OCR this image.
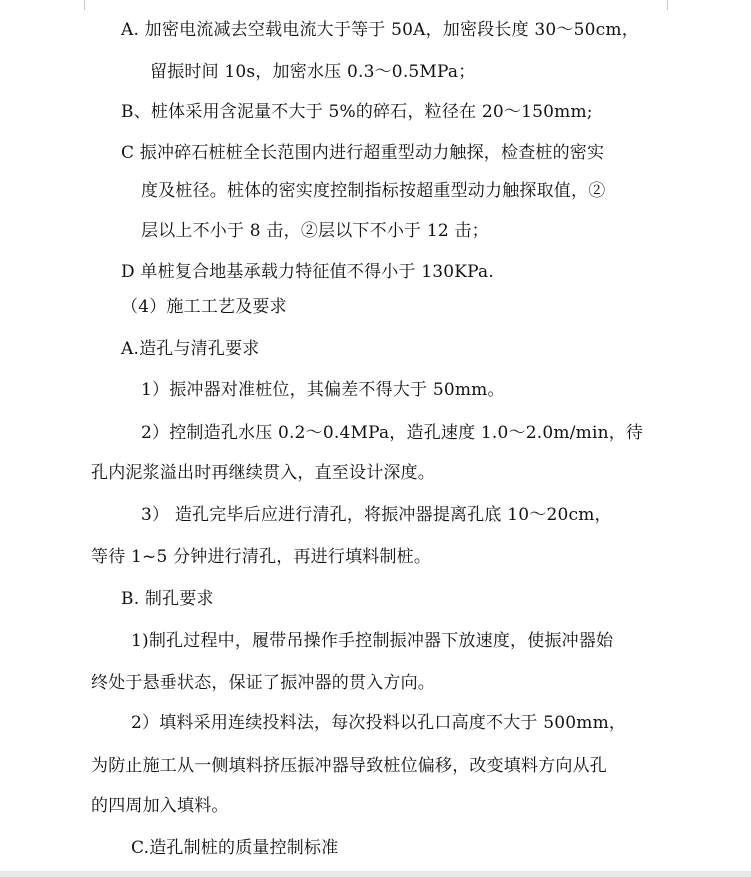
A. 加密电流减去空载电流大于等于 50A，加密段长度 30～50cm，
留振时间 10s，加密水压 0.3～0.5MPa；
B、桩体采用含泥量不大于 5%的碎石，粒径在 20～150mm;
C 振冲碎石桩桩全长范围内进行超重型动力触探，检查桩的密实
度及桩径。桩体的密实度控制指标按超重型动力触探取值，②
层以上不小于 8 击，②层以下不小于 12 击；
D 单桩复合地基承载力特征值不得小于 130KPa.
（4）施工工艺及要求
A.造孔与清孔要求
1）振冲器对准桩位，其偏差不得大于 50mm。
2）控制造孔水压 0.2～0.4MPa，造孔速度 1.0～2.0m/min，待
孔内泥浆溢出时再继续贯入，直至设计深度。
3） 造孔完毕后应进行清孔，将振冲器提离孔底 10～20cm，
等待 1~5 分钟进行清孔，再进行填料制桩。
B. 制孔要求
1)制孔过程中，履带吊操作手控制振冲器下放速度，使振冲器始
终处于悬垂状态，保证了振冲器的贯入方向。
2）填料采用连续投料法，每次投料以孔口高度不大于 500mm，
为防止施工从一侧填料挤压振冲器导致桩位偏移，改变填料方向从孔
的四周加入填料。
C.造孔制桩的质量控制标准
